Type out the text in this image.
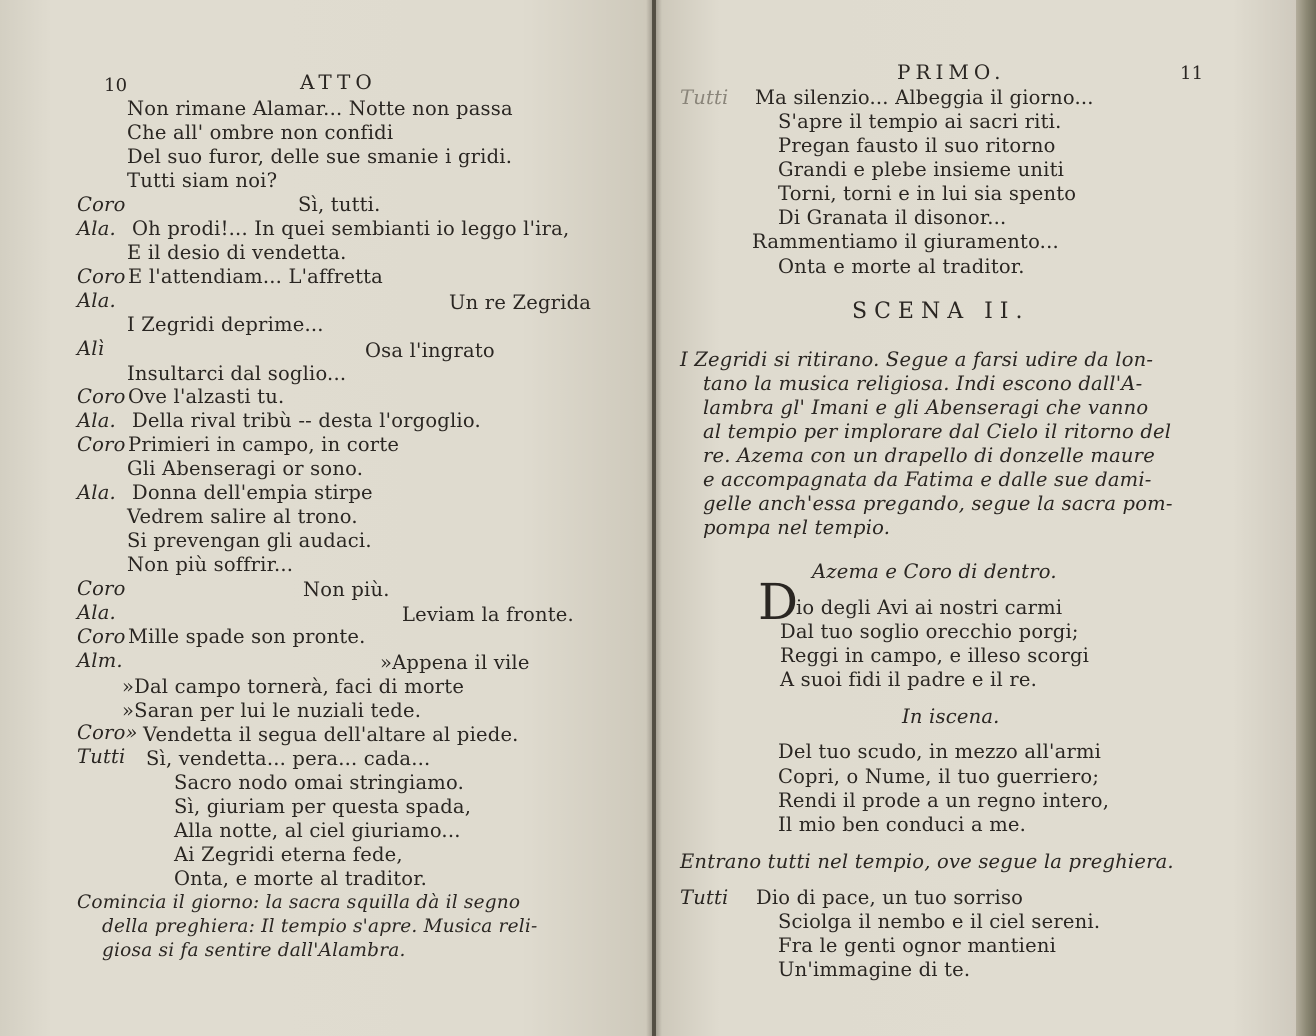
10	ATTO
Non rimane Alamar... Notte non passa
Che all' ombre non confidi
Del suo furor, delle sue smanie i gridi.
Tutti siam noi?
Coro	Sì, tutti.
Ala. Oh prodi!... In quei sembianti io leggo l'ira,
E il desio di vendetta.
Coro E l'attendiam... L'affretta
Ala.	Un re Zegrida
I Zegridi deprime...
Alì	Osa l'ingrato
Insultarci dal soglio...
Coro Ove l'alzasti tu.
Ala. Della rival tribù -- desta l'orgoglio.
Coro Primieri in campo, in corte
Gli Abenseragi or sono.
Ala. Donna dell'empia stirpe
Vedrem salire al trono.
Si prevengan gli audaci.
Non più soffrir...
Coro	Non più.
Ala.	Leviam la fronte.
Coro Mille spade son pronte.
Alm.	»Appena il vile
»Dal campo tornerà, faci di morte
»Saran per lui le nuziali tede.
Coro» Vendetta il segua dell'altare al piede.
Tutti Sì, vendetta... pera... cada...
Sacro nodo omai stringiamo.
Sì, giuriam per questa spada,
Alla notte, al ciel giuriamo...
Ai Zegridi eterna fede,
Onta, e morte al traditor.
Comincia il giorno: la sacra squilla dà il segno
della preghiera: Il tempio s'apre. Musica reli-
giosa si fa sentire dall'Alambra.
PRIMO.	11
Tutti Ma silenzio... Albeggia il giorno...
S'apre il tempio ai sacri riti.
Pregan fausto il suo ritorno
Grandi e plebe insieme uniti
Torni, torni e in lui sia spento
Di Granata il disonor...
Rammentiamo il giuramento...
Onta e morte al traditor.
SCENA II.
I Zegridi si ritirano. Segue a farsi udire da lon-
tano la musica religiosa. Indi escono dall'A-
lambra gl' Imani e gli Abenseragi che vanno
al tempio per implorare dal Cielo il ritorno del
re. Azema con un drapello di donzelle maure
e accompagnata da Fatima e dalle sue dami-
gelle anch'essa pregando, segue la sacra pom-
pompa nel tempio.
Azema e Coro di dentro.
D
io degli Avi ai nostri carmi
Dal tuo soglio orecchio porgi;
Reggi in campo, e illeso scorgi
A suoi fidi il padre e il re.
In iscena.
Del tuo scudo, in mezzo all'armi
Copri, o Nume, il tuo guerriero;
Rendi il prode a un regno intero,
Il mio ben conduci a me.
Entrano tutti nel tempio, ove segue la preghiera.
Tutti Dio di pace, un tuo sorriso
Sciolga il nembo e il ciel sereni.
Fra le genti ognor mantieni
Un'immagine di te.
